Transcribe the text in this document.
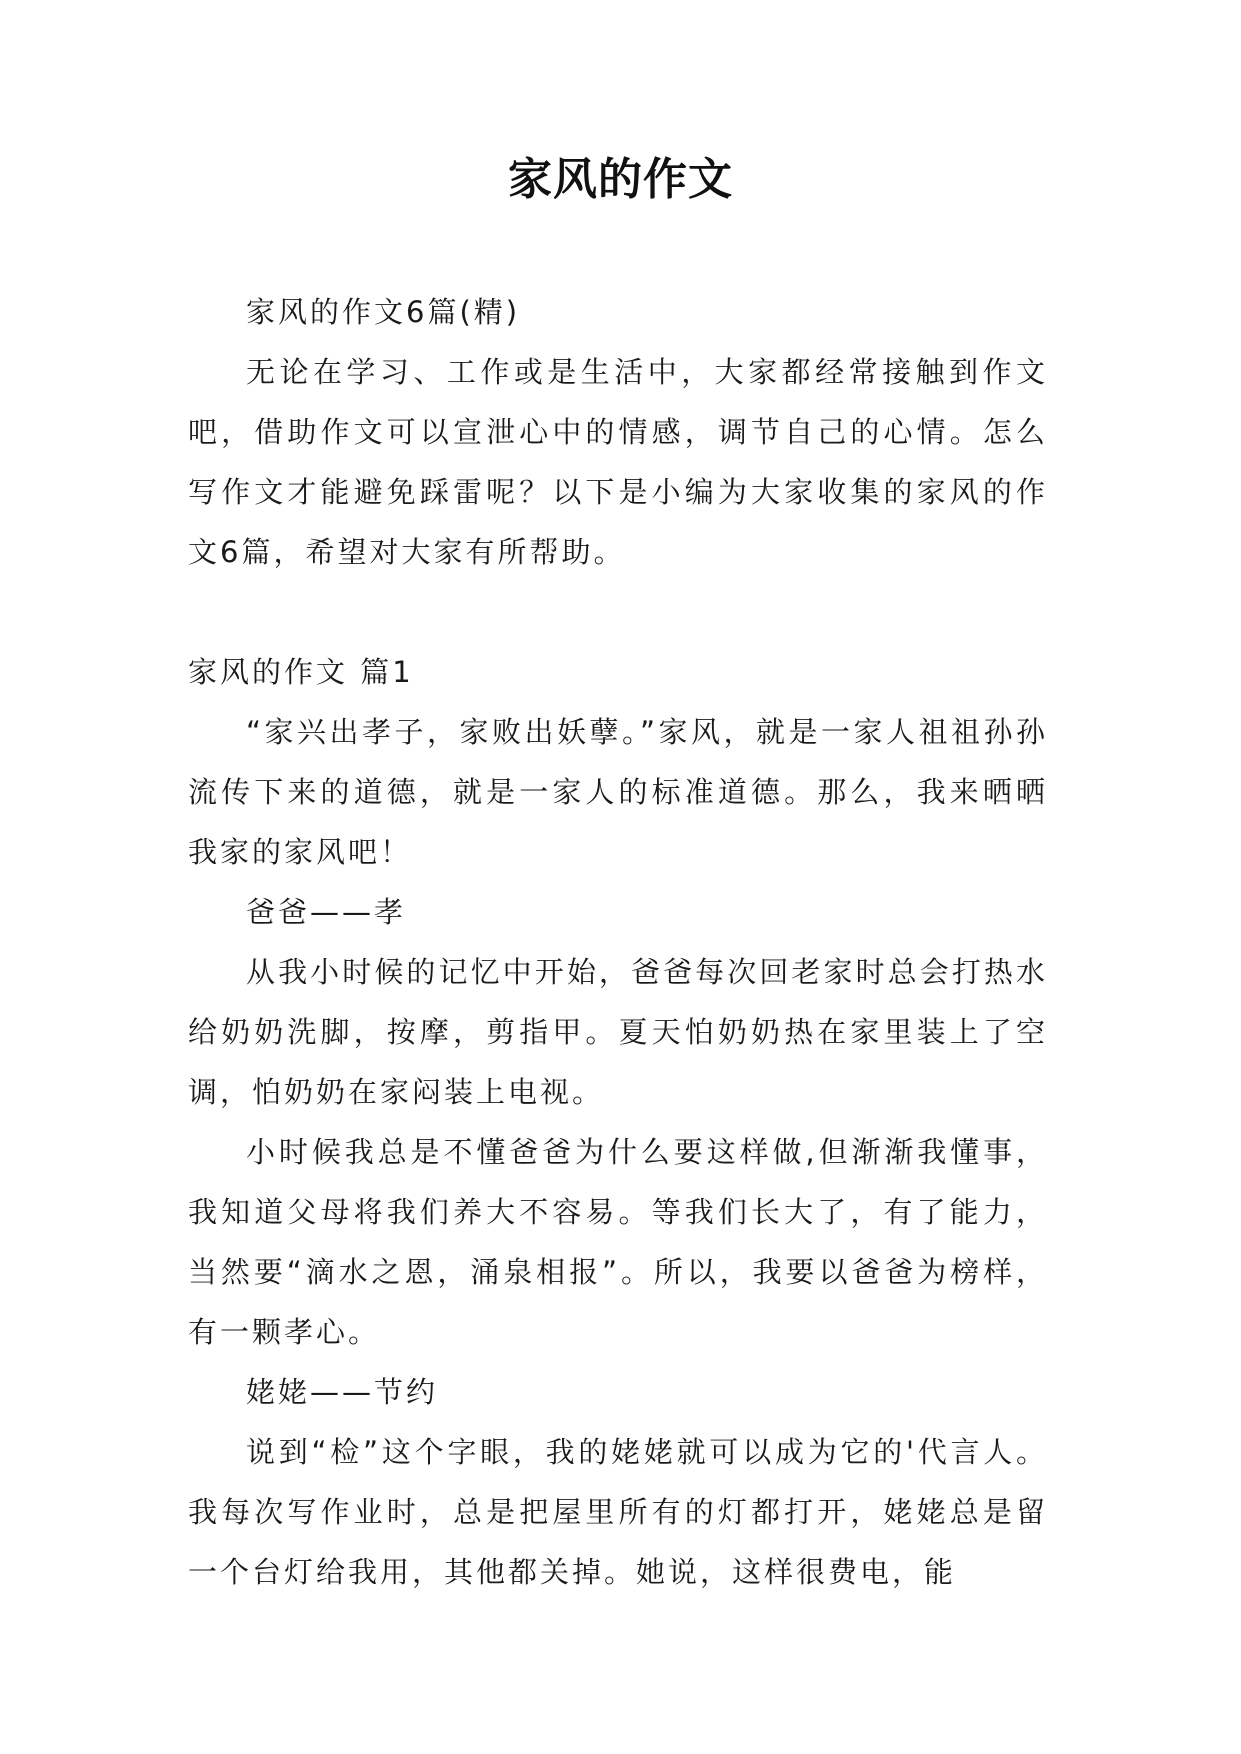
家风的作文

家风的作文6篇(精)

无论在学习、工作或是生活中，大家都经常接触到作文吧，借助作文可以宣泄心中的情感，调节自己的心情。怎么写作文才能避免踩雷呢？以下是小编为大家收集的家风的作文6篇，希望对大家有所帮助。

家风的作文 篇1

“家兴出孝子，家败出妖孽。”家风，就是一家人祖祖孙孙流传下来的道德，就是一家人的标准道德。那么，我来晒晒我家的家风吧！

爸爸——孝

从我小时候的记忆中开始，爸爸每次回老家时总会打热水给奶奶洗脚，按摩，剪指甲。夏天怕奶奶热在家里装上了空调，怕奶奶在家闷装上电视。

小时候我总是不懂爸爸为什么要这样做,但渐渐我懂事，我知道父母将我们养大不容易。等我们长大了，有了能力，当然要“滴水之恩，涌泉相报”。所以，我要以爸爸为榜样，有一颗孝心。

姥姥——节约

说到“检”这个字眼，我的姥姥就可以成为它的'代言人。我每次写作业时，总是把屋里所有的灯都打开，姥姥总是留一个台灯给我用，其他都关掉。她说，这样很费电，能
